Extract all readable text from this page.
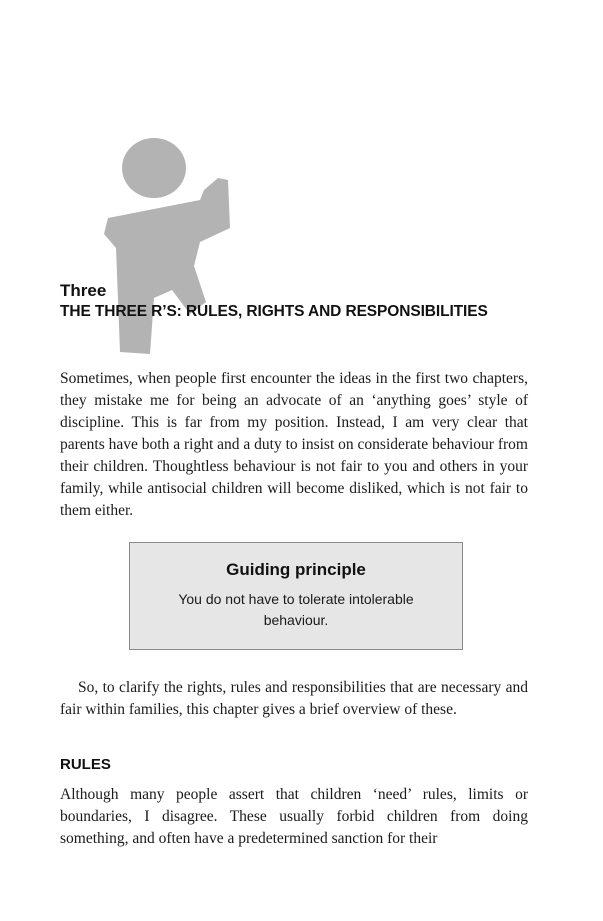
Three
THE THREE R’S: RULES, RIGHTS AND RESPONSIBILITIES

Sometimes, when people first encounter the ideas in the first two chapters, they mistake me for being an advocate of an ‘anything goes’ style of discipline. This is far from my position. Instead, I am very clear that parents have both a right and a duty to insist on considerate behaviour from their children. Thoughtless behaviour is not fair to you and others in your family, while antisocial children will become disliked, which is not fair to them either.

Guiding principle
You do not have to tolerate intolerable behaviour.

So, to clarify the rights, rules and responsibilities that are necessary and fair within families, this chapter gives a brief overview of these.

RULES

Although many people assert that children ‘need’ rules, limits or boundaries, I disagree. These usually forbid children from doing something, and often have a predetermined sanction for their
